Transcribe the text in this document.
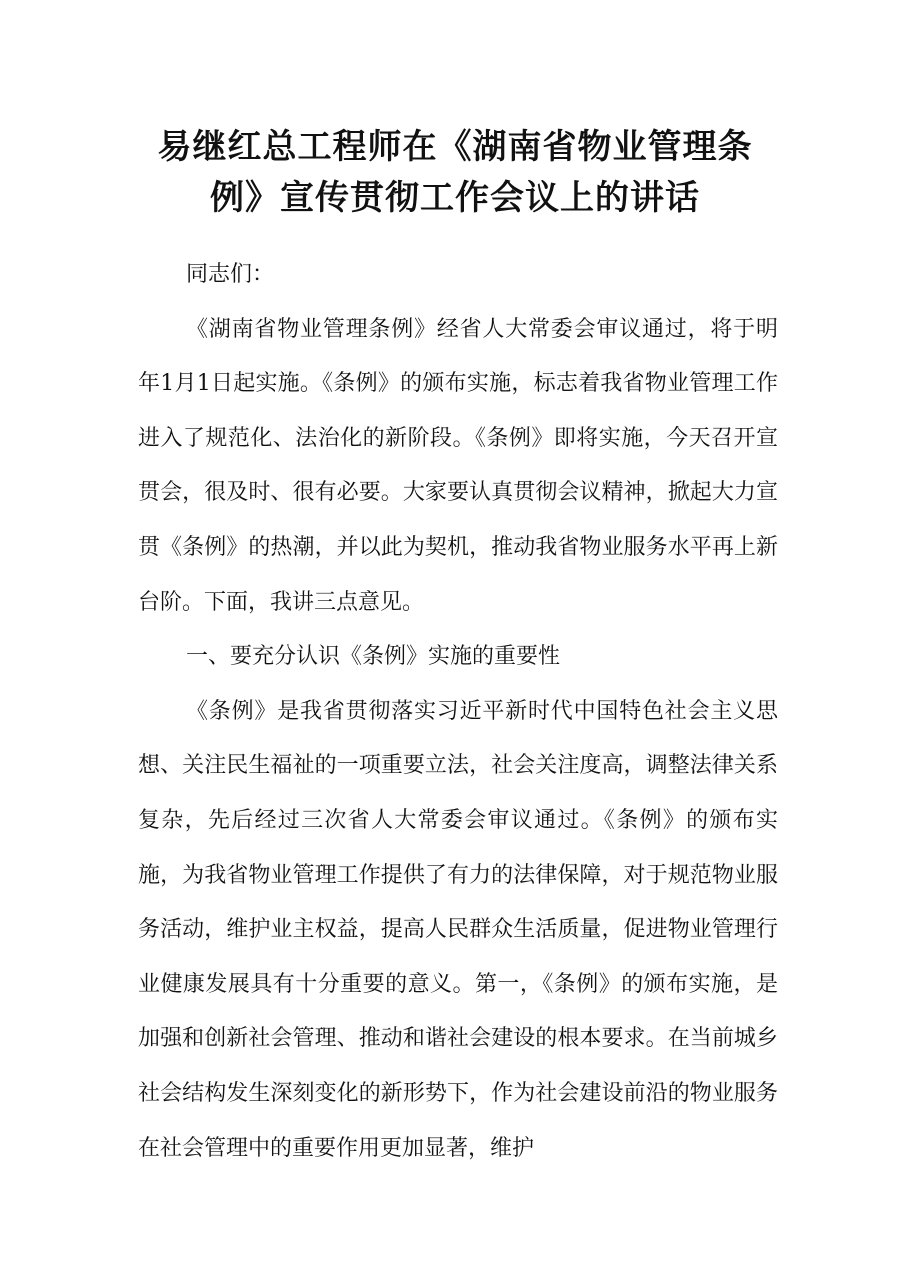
易继红总工程师在《湖南省物业管理条
例》宣传贯彻工作会议上的讲话

同志们：

《湖南省物业管理条例》经省人大常委会审议通过，将于明年1月1日起实施。《条例》的颁布实施，标志着我省物业管理工作进入了规范化、法治化的新阶段。《条例》即将实施，今天召开宣贯会，很及时、很有必要。大家要认真贯彻会议精神，掀起大力宣贯《条例》的热潮，并以此为契机，推动我省物业服务水平再上新台阶。下面，我讲三点意见。

一、要充分认识《条例》实施的重要性

《条例》是我省贯彻落实习近平新时代中国特色社会主义思想、关注民生福祉的一项重要立法，社会关注度高，调整法律关系复杂，先后经过三次省人大常委会审议通过。《条例》的颁布实施，为我省物业管理工作提供了有力的法律保障，对于规范物业服务活动，维护业主权益，提高人民群众生活质量，促进物业管理行业健康发展具有十分重要的意义。第一，《条例》的颁布实施，是加强和创新社会管理、推动和谐社会建设的根本要求。在当前城乡社会结构发生深刻变化的新形势下，作为社会建设前沿的物业服务在社会管理中的重要作用更加显著，维护
